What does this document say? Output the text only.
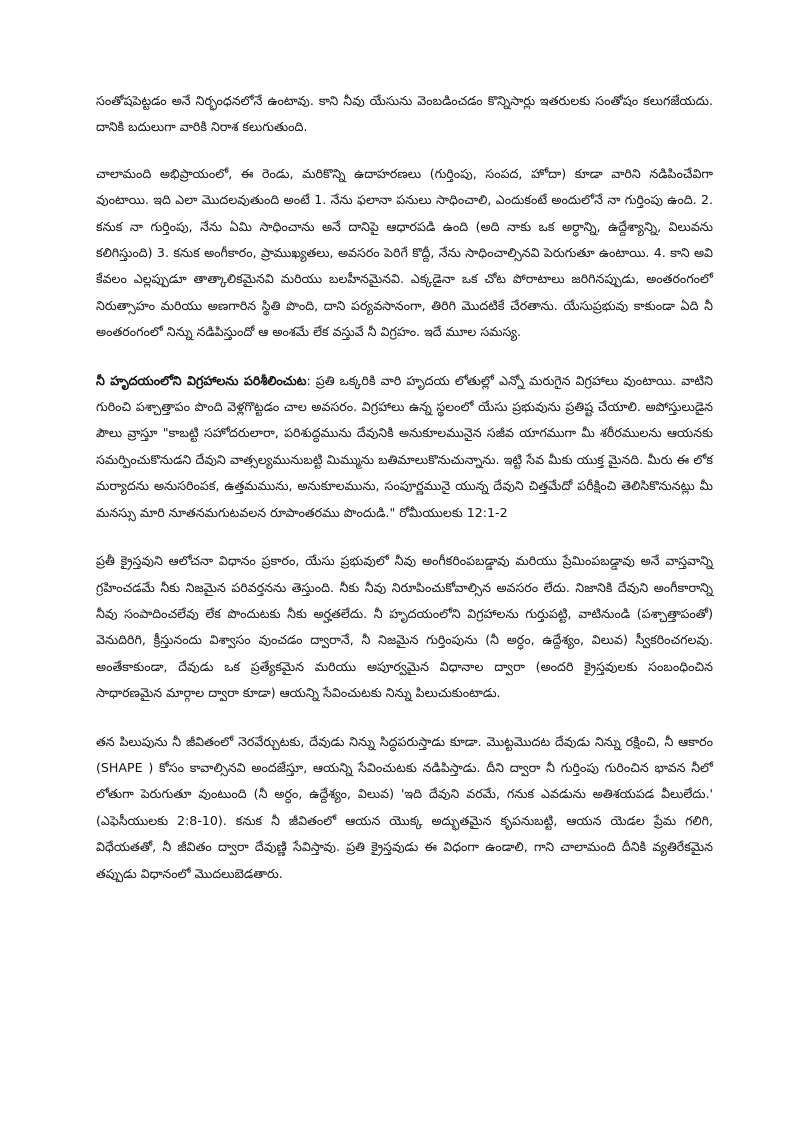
సంతోషపెట్టడం అనే నిర్భంధనలోనే ఉంటావు. కాని నీవు యేసును వెంబడించడం కొన్నిసార్లు ఇతరులకు సంతోషం కలుగజేయదు. దానికి బదులుగా వారికి నిరాశ కలుగుతుంది.

చాలామంది అభిప్రాయంలో, ఈ రెండు, మరికొన్ని ఉదాహరణలు (గుర్తింపు, సంపద, హోదా) కూడా వారిని నడిపించేవిగా వుంటాయి. ఇది ఎలా మొదలవుతుంది అంటే 1. నేను ఫలానా పనులు సాధించాలి, ఎందుకంటే అందులోనే నా గుర్తింపు ఉంది. 2. కనుక నా గుర్తింపు, నేను ఏమి సాధించాను అనే దానిపై ఆధారపడి ఉంది (అది నాకు ఒక అర్ధాన్ని, ఉద్దేశ్యాన్ని, విలువను కలిగిస్తుంది) 3. కనుక అంగీకారం, ప్రాముఖ్యతలు, అవసరం పెరిగే కొద్దీ, నేను సాధించాల్సినవి పెరుగుతూ ఉంటాయి. 4. కాని అవి కేవలం ఎల్లప్పుడూ తాత్కాలికమైనవి మరియు బలహీనమైనవి. ఎక్కడైనా ఒక చోట పోరాటాలు జరిగినప్పుడు, అంతరంగంలో నిరుత్సాహం మరియు అణగారిన స్థితి పొంది, దాని పర్యవసానంగా, తిరిగి మొదటికే చేరతాను. యేసుప్రభువు కాకుండా ఏది నీ అంతరంగంలో నిన్ను నడిపిస్తుందో ఆ అంశమే లేక వస్తువే నీ విగ్రహం. ఇదే మూల సమస్య.

నీ హృదయంలోని విగ్రహాలను పరిశీలించుట: ప్రతి ఒక్కరికి వారి హృదయ లోతుల్లో ఎన్నో మరుగైన విగ్రహాలు వుంటాయి. వాటిని గురించి పశ్చాత్తాపం పొంది వెళ్లగొట్టడం చాల అవసరం. విగ్రహాలు ఉన్న స్థలంలో యేసు ప్రభువును ప్రతిష్ట చేయాలి. అపోస్తులుడైన పౌలు వ్రాస్తూ "కాబట్టి సహోదరులారా, పరిశుద్ధమును దేవునికి అనుకూలమునైన సజీవ యాగముగా మీ శరీరములను ఆయనకు సమర్పించుకొనుడని దేవుని వాత్సల్యమునుబట్టి మిమ్మును బతిమాలుకొనుచున్నాను. ఇట్టి సేవ మీకు యుక్త మైనది. మీరు ఈ లోక మర్యాదను అనుసరింపక, ఉత్తమమును, అనుకూలమును, సంపూర్ణమునై యున్న దేవుని చిత్తమేదో పరీక్షించి తెలిసికొనునట్లు మీ మనస్సు మారి నూతనమగుటవలన రూపాంతరము పొందుడి." రోమీయులకు 12:1-2

ప్రతీ క్రైస్తవుని ఆలోచనా విధానం ప్రకారం, యేసు ప్రభువులో నీవు అంగీకరింపబడ్డావు మరియు ప్రేమింపబడ్డావు అనే వాస్తవాన్ని గ్రహించడమే నీకు నిజమైన పరివర్తనను తెస్తుంది. నీకు నీవు నిరూపించుకోవాల్సిన అవసరం లేదు. నిజానికి దేవుని అంగీకారాన్ని నీవు సంపాదించలేవు లేక పొందుటకు నీకు అర్హతలేదు. నీ హృదయంలోని విగ్రహాలను గుర్తుపట్టి, వాటినుండి (పశ్చాత్తాపంతో) వెనుదిరిగి, క్రీస్తునందు విశ్వాసం వుంచడం ద్వారానే, నీ నిజమైన గుర్తింపును (నీ అర్ధం, ఉద్దేశ్యం, విలువ) స్వీకరించగలవు. అంతేకాకుండా, దేవుడు ఒక ప్రత్యేకమైన మరియు అపూర్వమైన విధానాల ద్వారా (అందరి క్రైస్తవులకు సంబంధించిన సాధారణమైన మార్గాల ద్వారా కూడా) ఆయన్ని సేవించుటకు నిన్ను పిలుచుకుంటాడు.

తన పిలుపును నీ జీవితంలో నెరవేర్చుటకు, దేవుడు నిన్ను సిద్ధపరుస్తాడు కూడా. మొట్టమొదట దేవుడు నిన్ను రక్షించి, నీ ఆకారం (SHAPE ) కోసం కావాల్సినవి అందజేస్తూ, ఆయన్ని సేవించుటకు నడిపిస్తాడు. దీని ద్వారా నీ గుర్తింపు గురించిన భావన నీలో లోతుగా పెరుగుతూ వుంటుంది (నీ అర్ధం, ఉద్దేశ్యం, విలువ) 'ఇది దేవుని వరమే, గనుక ఎవడును అతిశయపడ వీలులేదు.' (ఎఫెసీయులకు 2:8-10). కనుక నీ జీవితంలో ఆయన యొక్క అద్భుతమైన కృపనుబట్టి, ఆయన యెడల ప్రేమ గలిగి, విధేయతతో, నీ జీవితం ద్వారా దేవుణ్ణి సేవిస్తావు. ప్రతి క్రైస్తవుడు ఈ విధంగా ఉండాలి, గాని చాలామంది దీనికి వ్యతిరేకమైన తప్పుడు విధానంలో మొదలుబెడతారు.
